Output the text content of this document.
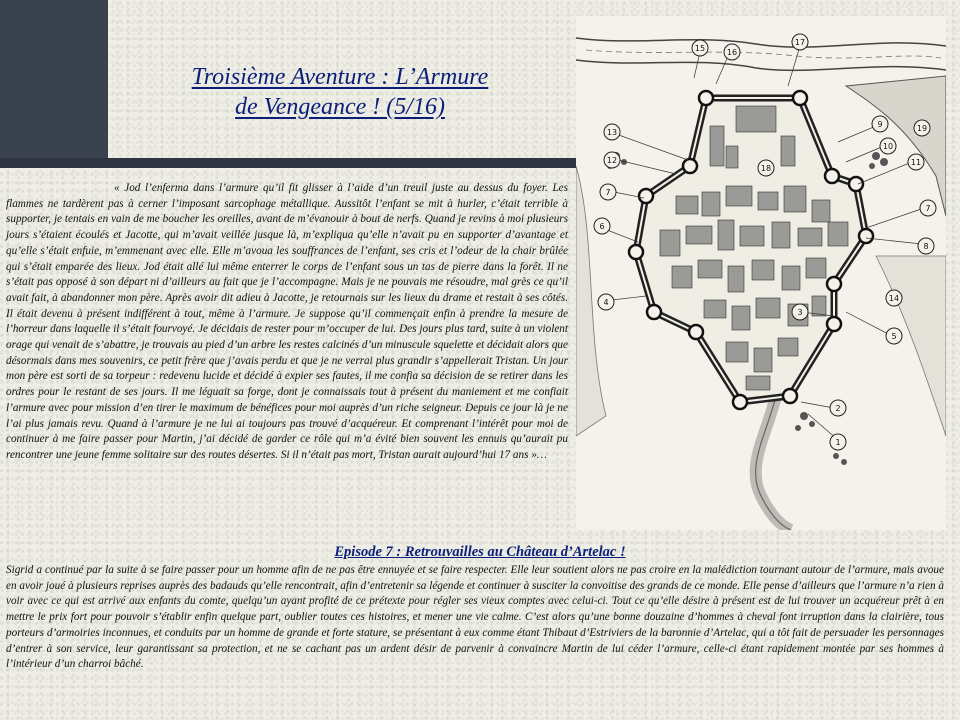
Troisième Aventure : L’Armure
de Vengeance ! (5/16)
1
2
3
4
5
6
7
7
8
9
10
11
12
13
14
15	16
17
18
19

« Jod l’enferma dans l’armure qu’il fit glisser à l’aide d’un treuil juste au dessus du foyer. Les flammes ne tardèrent pas à cerner l’imposant sarcophage métallique. Aussitôt l’enfant se mit à hurler, c’était terrible à supporter, je tentais en vain de me boucher les oreilles, avant de m’évanouir à bout de nerfs. Quand je revins à moi plusieurs jours s’étaient écoulés et Jacotte, qui m’avait veillée jusque là, m’expliqua qu’elle n’avait pu en supporter d’avantage et qu’elle s’était enfuie, m’emmenant avec elle. Elle m’avoua les souffrances de l’enfant, ses cris et l’odeur de la chair brûlée qui s’était emparée des lieux. Jod était allé lui même enterrer le corps de l’enfant sous un tas de pierre dans la forêt. Il ne s’était pas opposé à son départ ni d’ailleurs au fait que je l’accompagne. Mais je ne pouvais me résoudre, mal grès ce qu’il avait fait, à abandonner mon père. Après avoir dit adieu à Jacotte, je retournais sur les lieux du drame et restait à ses côtés. Il était devenu à présent indifférent à tout, même à l’armure. Je suppose qu’il commençait enfin à prendre la mesure de l’horreur dans laquelle il s’était fourvoyé. Je décidais de rester pour m’occuper de lui. Des jours plus tard, suite à un violent orage qui venait de s’abattre, je trouvais au pied d’un arbre les restes calcinés d’un minuscule squelette et décidait alors que désormais dans mes souvenirs, ce petit frère que j’avais perdu et que je ne verrai plus grandir s’appellerait Tristan. Un jour mon père est sorti de sa torpeur : redevenu lucide et décidé à expier ses fautes, il me confia sa décision de se retirer dans les ordres pour le restant de ses jours. Il me léguait sa forge, dont je connaissais tout à présent du maniement et me confiait l’armure avec pour mission d’en tirer le maximum de bénéfices pour moi auprès d’un riche seigneur. Depuis ce jour là je ne l’ai plus jamais revu. Quand à l’armure je ne lui ai toujours pas trouvé d’acquéreur. Et comprenant l’intérêt pour moi de continuer à me faire passer pour Martin, j’ai décidé de garder ce rôle qui m’a évité bien souvent les ennuis qu’aurait pu rencontrer une jeune femme solitaire sur des routes désertes. Si il n’était pas mort, Tristan aurait aujourd’hui 17 ans »…

Episode 7 : Retrouvailles au Château d’Artelac !

Sigrid a continué par la suite à se faire passer pour un homme afin de ne pas être ennuyée et se faire respecter. Elle leur soutient alors ne pas croire en la malédiction tournant autour de l’armure, mais avoue en avoir joué à plusieurs reprises auprès des badauds qu’elle rencontrait, afin d’entretenir sa légende et continuer à susciter la convoitise des grands de ce monde. Elle pense d’ailleurs que l’armure n’a rien à voir avec ce qui est arrivé aux enfants du comte, quelqu’un ayant profité de ce prétexte pour régler ses vieux comptes avec celui-ci. Tout ce qu’elle désire à présent est de lui trouver un acquéreur prêt à en mettre le prix fort pour pouvoir s’établir enfin quelque part, oublier toutes ces histoires, et mener une vie calme. C’est alors qu’une bonne douzaine d’hommes à cheval font irruption dans la clairière, tous porteurs d’armoiries inconnues, et conduits par un homme de grande et forte stature, se présentant à eux comme étant Thibaut d’Estriviers de la baronnie d’Artelac, qui a tôt fait de persuader les personnages d’entrer à son service, leur garantissant sa protection, et ne se cachant pas un ardent désir de parvenir à convaincre Martin de lui céder l’armure, celle-ci étant rapidement montée par ses hommes à l’intérieur d’un charroi bâché.
